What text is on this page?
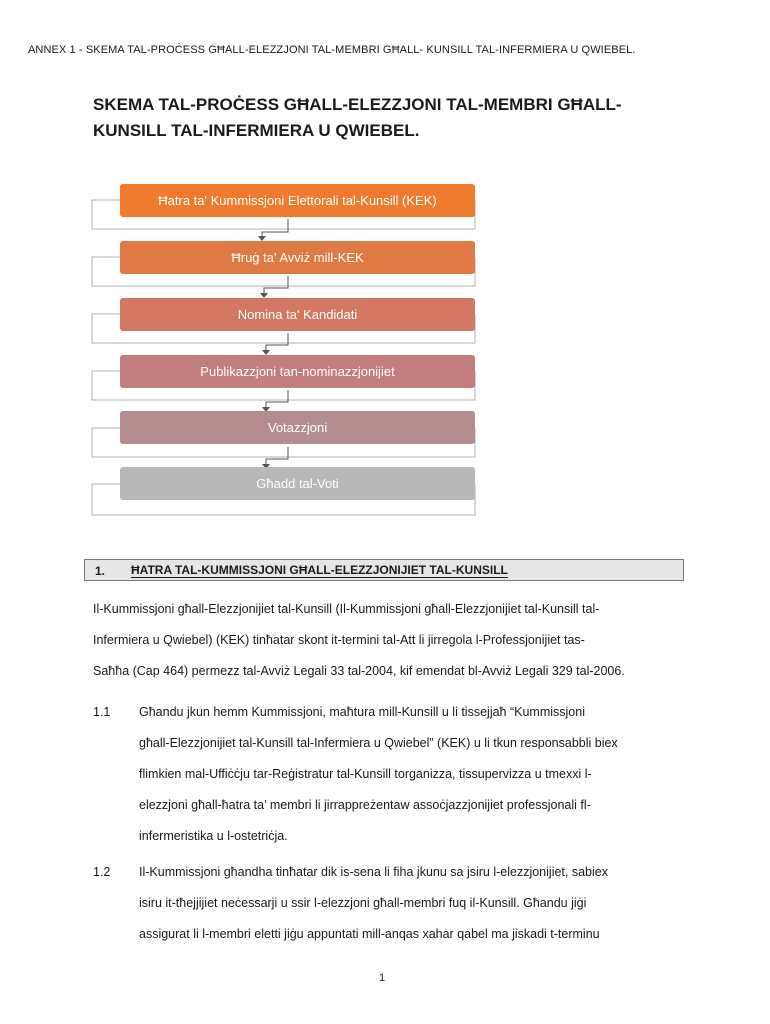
ANNEX 1 - SKEMA TAL-PROĊESS GĦALL-ELEZZJONI TAL-MEMBRI GĦALL- KUNSILL TAL-INFERMIERA U QWIEBEL.
SKEMA TAL-PROĊESS GĦALL-ELEZZJONI TAL-MEMBRI GĦALL-
KUNSILL TAL-INFERMIERA U QWIEBEL.
Ħatra ta' Kummissjoni Elettorali tal-Kunsill (KEK)
Ħruġ ta' Avviż mill-KEK
Nomina ta' Kandidati
Publikazzjoni tan-nominazzjonijiet
Votazzjoni
Għadd tal-Voti
1. ĦATRA TAL-KUMMISSJONI GĦALL-ELEZZJONIJIET TAL-KUNSILL
Il-Kummissjoni għall-Elezzjonijiet tal-Kunsill (Il-Kummissjoni għall-Elezzjonijiet tal-Kunsill tal-
Infermiera u Qwiebel) (KEK) tinħatar skont it-termini tal-Att li jirregola l-Professjonijiet tas-
Saħħa (Cap 464) permezz tal-Avviż Legali 33 tal-2004, kif emendat bl-Avviż Legali 329 tal-2006.
1.1 Għandu jkun hemm Kummissjoni, maħtura mill-Kunsill u li tissejjaħ “Kummissjoni
għall-Elezzjonijiet tal-Kunsill tal-Infermiera u Qwiebel” (KEK) u li tkun responsabbli biex
flimkien mal-Uffiċċju tar-Reġistratur tal-Kunsill torganizza, tissupervizza u tmexxi l-
elezzjoni għall-ħatra ta’ membri li jirrappreżentaw assoċjazzjonijiet professjonali fl-
infermeristika u l-ostetriċja.
1.2 Il-Kummissjoni għandha tinħatar dik is-sena li fiha jkunu sa jsiru l-elezzjonijiet, sabiex
isiru it-tħejjijiet neċessarji u ssir l-elezzjoni għall-membri fuq il-Kunsill. Għandu jiġi
assigurat li l-membri eletti jiġu appuntati mill-anqas xahar qabel ma jiskadi t-terminu
1
